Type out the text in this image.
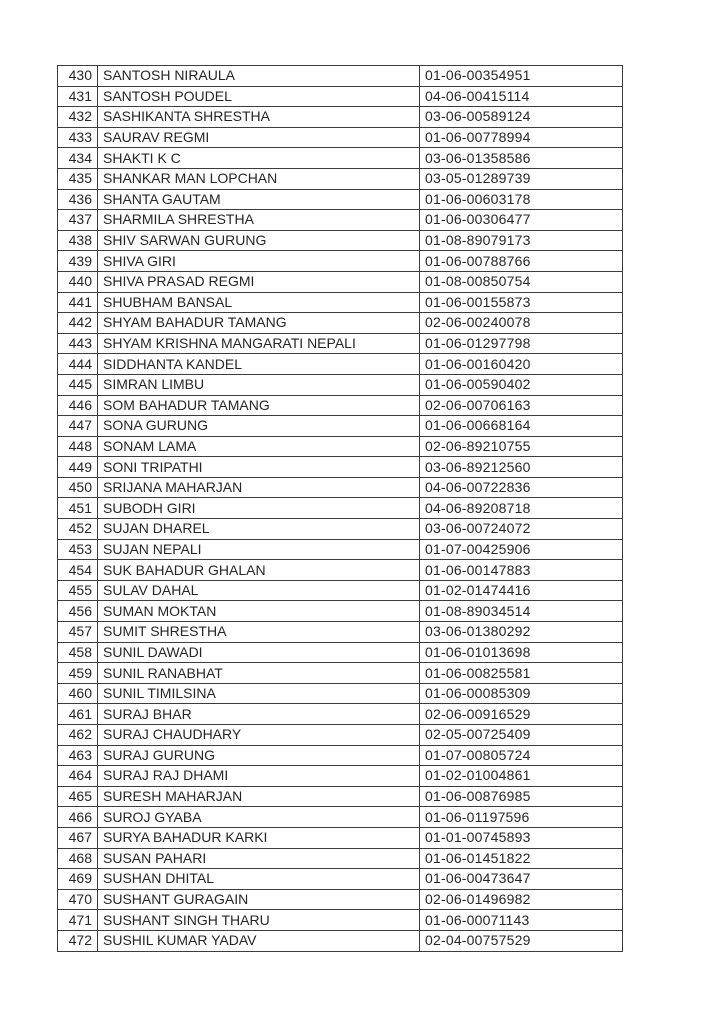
430	SANTOSH NIRAULA	01-06-00354951
431	SANTOSH POUDEL	04-06-00415114
432	SASHIKANTA SHRESTHA	03-06-00589124
433	SAURAV REGMI	01-06-00778994
434	SHAKTI K C	03-06-01358586
435	SHANKAR MAN LOPCHAN	03-05-01289739
436	SHANTA GAUTAM	01-06-00603178
437	SHARMILA SHRESTHA	01-06-00306477
438	SHIV SARWAN GURUNG	01-08-89079173
439	SHIVA GIRI	01-06-00788766
440	SHIVA PRASAD REGMI	01-08-00850754
441	SHUBHAM BANSAL	01-06-00155873
442	SHYAM BAHADUR TAMANG	02-06-00240078
443	SHYAM KRISHNA MANGARATI NEPALI	01-06-01297798
444	SIDDHANTA KANDEL	01-06-00160420
445	SIMRAN LIMBU	01-06-00590402
446	SOM BAHADUR TAMANG	02-06-00706163
447	SONA GURUNG	01-06-00668164
448	SONAM LAMA	02-06-89210755
449	SONI TRIPATHI	03-06-89212560
450	SRIJANA MAHARJAN	04-06-00722836
451	SUBODH GIRI	04-06-89208718
452	SUJAN DHAREL	03-06-00724072
453	SUJAN NEPALI	01-07-00425906
454	SUK BAHADUR GHALAN	01-06-00147883
455	SULAV DAHAL	01-02-01474416
456	SUMAN MOKTAN	01-08-89034514
457	SUMIT SHRESTHA	03-06-01380292
458	SUNIL DAWADI	01-06-01013698
459	SUNIL RANABHAT	01-06-00825581
460	SUNIL TIMILSINA	01-06-00085309
461	SURAJ BHAR	02-06-00916529
462	SURAJ CHAUDHARY	02-05-00725409
463	SURAJ GURUNG	01-07-00805724
464	SURAJ RAJ DHAMI	01-02-01004861
465	SURESH MAHARJAN	01-06-00876985
466	SUROJ GYABA	01-06-01197596
467	SURYA BAHADUR KARKI	01-01-00745893
468	SUSAN PAHARI	01-06-01451822
469	SUSHAN DHITAL	01-06-00473647
470	SUSHANT GURAGAIN	02-06-01496982
471	SUSHANT SINGH THARU	01-06-00071143
472	SUSHIL KUMAR YADAV	02-04-00757529
